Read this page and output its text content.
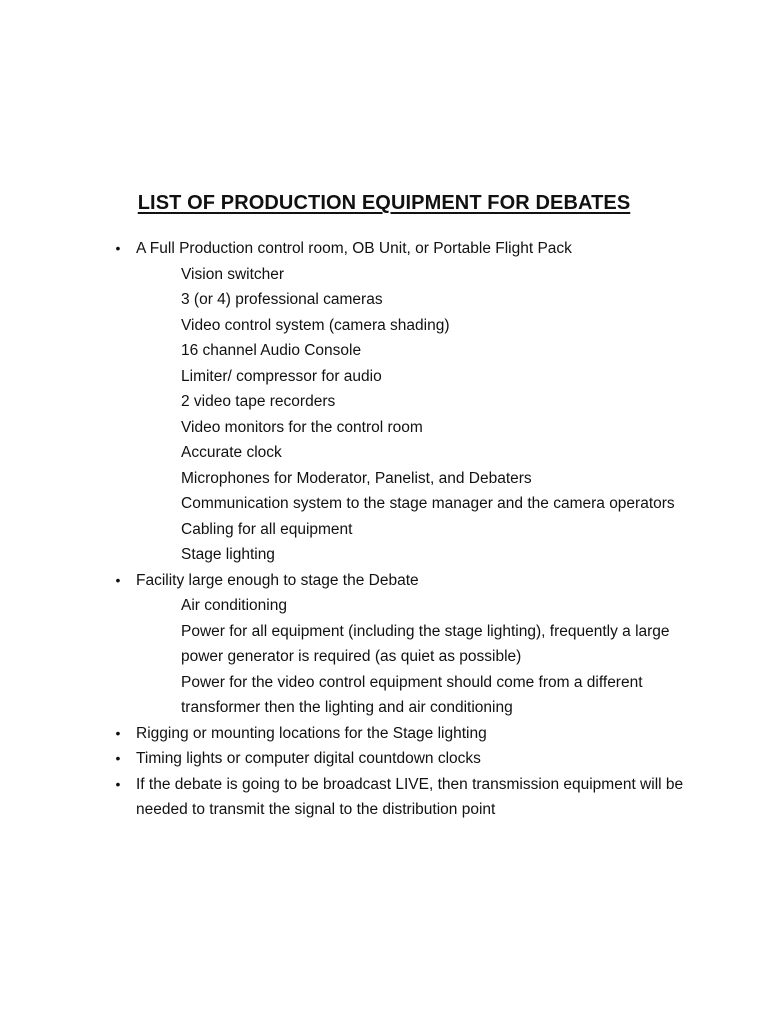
LIST OF PRODUCTION EQUIPMENT FOR DEBATES
• A Full Production control room, OB Unit, or Portable Flight Pack
Vision switcher
3 (or 4) professional cameras
Video control system (camera shading)
16 channel Audio Console
Limiter/ compressor for audio
2 video tape recorders
Video monitors for the control room
Accurate clock
Microphones for Moderator, Panelist, and Debaters
Communication system to the stage manager and the camera operators
Cabling for all equipment
Stage lighting
• Facility large enough to stage the Debate
Air conditioning
Power for all equipment (including the stage lighting), frequently a large power generator is required (as quiet as possible)
Power for the video control equipment should come from a different transformer then the lighting and air conditioning
• Rigging or mounting locations for the Stage lighting
• Timing lights or computer digital countdown clocks
• If the debate is going to be broadcast LIVE, then transmission equipment will be needed to transmit the signal to the distribution point
